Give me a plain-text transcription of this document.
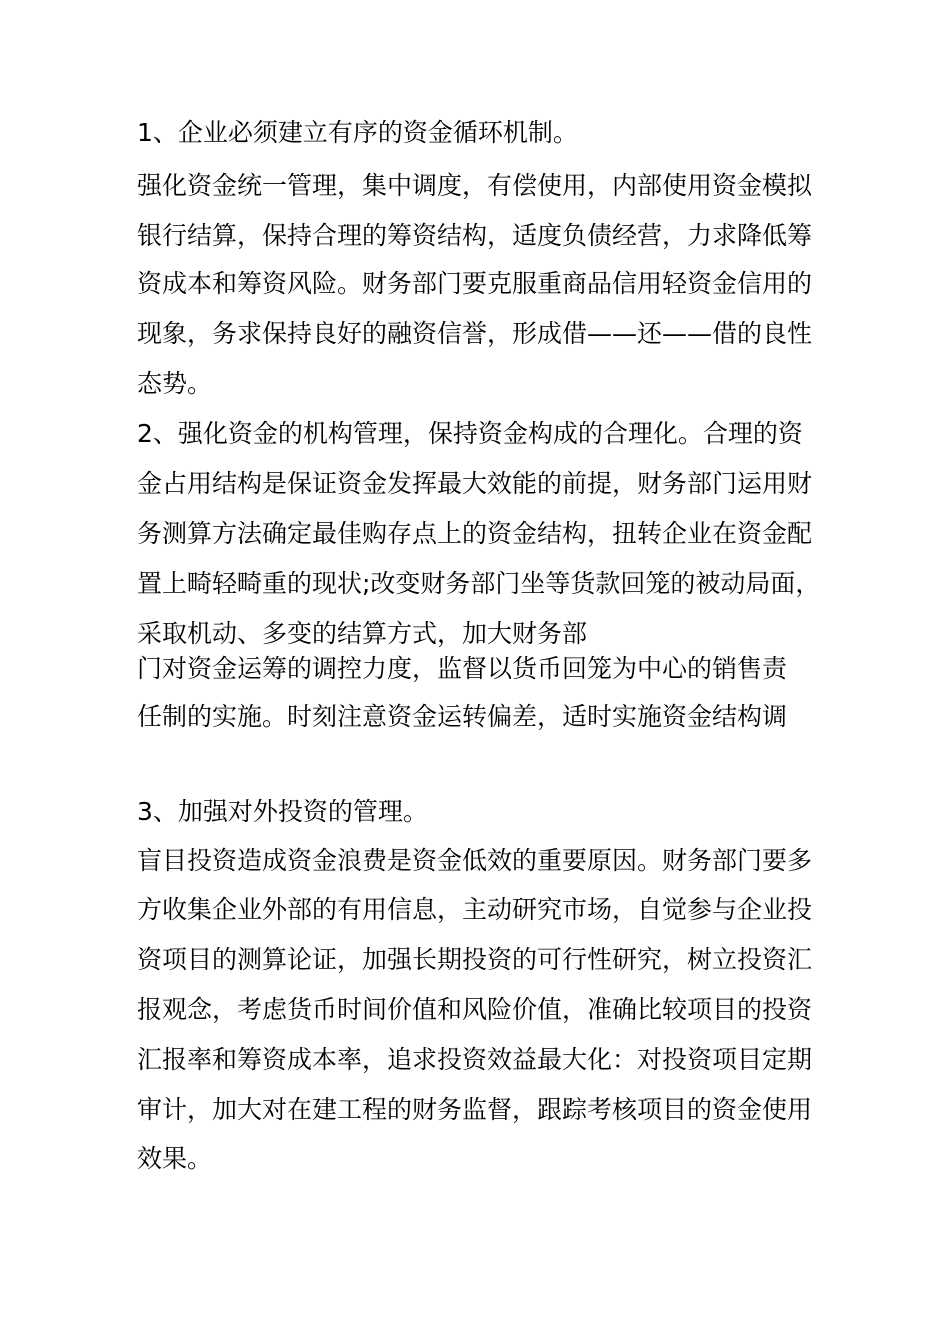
1、企业必须建立有序的资金循环机制。
强化资金统一管理，集中调度，有偿使用，内部使用资金模拟
银行结算，保持合理的筹资结构，适度负债经营，力求降低筹
资成本和筹资风险。财务部门要克服重商品信用轻资金信用的
现象，务求保持良好的融资信誉，形成借——还——借的良性
态势。
2、强化资金的机构管理，保持资金构成的合理化。合理的资
金占用结构是保证资金发挥最大效能的前提，财务部门运用财
务测算方法确定最佳购存点上的资金结构，扭转企业在资金配
置上畸轻畸重的现状;改变财务部门坐等货款回笼的被动局面，
采取机动、多变的结算方式，加大财务部
门对资金运筹的调控力度，监督以货币回笼为中心的销售责
任制的实施。时刻注意资金运转偏差，适时实施资金结构调
3、加强对外投资的管理。
盲目投资造成资金浪费是资金低效的重要原因。财务部门要多
方收集企业外部的有用信息，主动研究市场，自觉参与企业投
资项目的测算论证，加强长期投资的可行性研究，树立投资汇
报观念，考虑货币时间价值和风险价值，准确比较项目的投资
汇报率和筹资成本率，追求投资效益最大化：对投资项目定期
审计，加大对在建工程的财务监督，跟踪考核项目的资金使用
效果。
